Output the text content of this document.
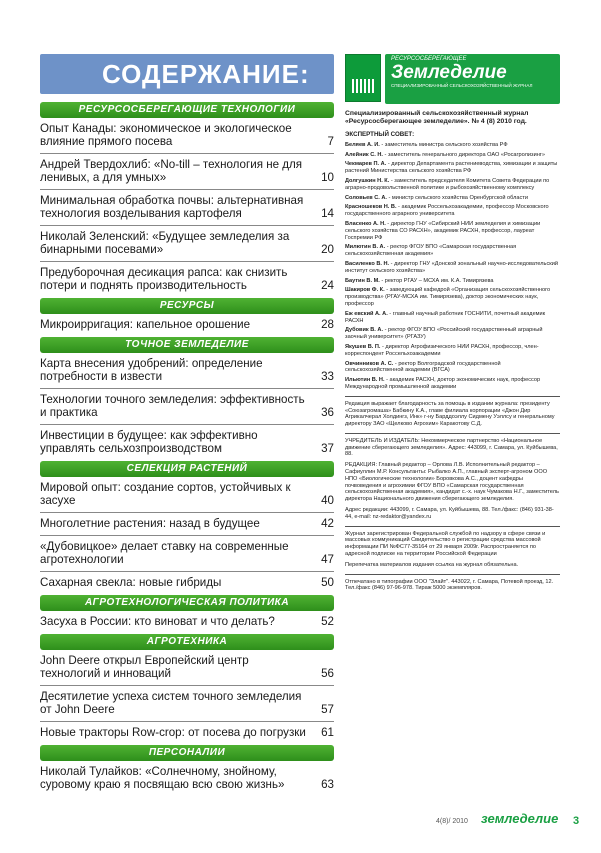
СОДЕРЖАНИЕ:
РЕСУРСОСБЕРЕГАЮЩИЕ ТЕХНОЛОГИИ
Опыт Канады: экономическое и экологическое влияние прямого посева	7
Андрей Твердохлиб: «No-till – технология не для ленивых, а для умных»	10
Минимальная обработка почвы: альтернативная технология возделывания картофеля	14
Николай Зеленский: «Будущее земледелия за бинарными посевами»	20
Предуборочная десикация рапса: как снизить потери и поднять производительность	24
РЕСУРСЫ
Микроирригация: капельное орошение	28
ТОЧНОЕ ЗЕМЛЕДЕЛИЕ
Карта внесения удобрений: определение потребности в извести	33
Технологии точного земледелия: эффективность и практика	36
Инвестиции в будущее: как эффективно управлять сельхозпроизводством	37
СЕЛЕКЦИЯ РАСТЕНИЙ
Мировой опыт: создание сортов, устойчивых к засухе	40
Многолетние растения: назад в будущее	42
«Дубовицкое» делает ставку на современные агротехнологии	47
Сахарная свекла: новые гибриды	50
АГРОТЕХНОЛОГИЧЕСКАЯ ПОЛИТИКА
Засуха в России: кто виноват и что делать?	52
АГРОТЕХНИКА
John Deere открыл Европейский центр технологий и инноваций	56
Десятилетие успеха систем точного земледелия от John Deere	57
Новые тракторы Row-crop: от посева до погрузки 61
ПЕРСОНАЛИИ
Николай Тулайков: «Солнечному, знойному, суровому краю я посвящаю всю свою жизнь»	63
РЕСУРСОСБЕРЕГАЮЩЕЕ
Земледелие
СПЕЦИАЛИЗИРОВАННЫЙ СЕЛЬСКОХОЗЯЙСТВЕННЫЙ ЖУРНАЛ
Специализированный сельскохозяйственный журнал «Ресурсосберегающее земледелие». № 4 (8) 2010 год.
ЭКСПЕРТНЫЙ СОВЕТ:
Беляев А. И. - заместитель министра сельского хозяйства РФ
Алейник С. Н. - заместитель генерального директора ОАО «Росагролизинг»
Чекмарев П. А. - директор Департамента растениеводства, химизации и защиты растений Министерства сельского хозяйства РФ
Долгушкин Н. К. - заместитель председателя Комитета Совета Федерации по аграрно-продовольственной политике и рыбохозяйственному комплексу
Соловьев С. А. - министр сельского хозяйства Оренбургской области
Красношеков Н. В. - академик Россельхозакадемии, профессор Московского государственного аграрного университета
Власенко А. Н. - директор ГНУ «Сибирский НИИ земледелия и химизации сельского хозяйства СО РАСХН», академик РАСХН, профессор, лауреат Госпремии РФ
Милютин В. А. - ректор ФГОУ ВПО «Самарская государственная сельскохозяйственная академия»
Василенко В. Н. - директор ГНУ «Донской зональный научно-исследовательский институт сельского хозяйства»
Баутин В. М. - ректор РГАУ – МСХА им. К.А. Тимирязева
Шакиров Ф. К. - заведующий кафедрой «Организация сельскохозяйственного производства» (РГАУ-МСХА им. Тимирязева), доктор экономических наук, профессор
Еж евский А. А. - главный научный работник ГОСНИТИ, почетный академик РАСХН
Дубовик В. А. - ректор ФГОУ ВПО «Российский государственный аграрный заочный университет» (РГАЗУ)
Якушев В. П. - директор Агрофизического НИИ РАСХН, профессор, член-корреспондент Россельхозакадемии
Овчинников А. С. - ректор Волгоградской государственной сельскохозяйственной академии (ВГСА)
Ильютин В. Н. - академик РАСХН, доктор экономических наук, профессор Международной промышленной академии
Редакция выражает благодарность за помощь в издании журнала: президенту «Союзагромаша» Бабкину К.А., главе филиала корпорации «Джон Дир Агрикалчерал Холдингз, Инк» г-ну Барддоэллу Сидмену Уэллсу и генеральному директору ЗАО «Щелково Агрохим» Каракотову С.Д.
УЧРЕДИТЕЛЬ И ИЗДАТЕЛЬ: Некоммерческое партнерство «Национальное движение сберегающего земледелия». Адрес: 443099, г. Самара, ул. Куйбышева, 88.
РЕДАКЦИЯ: Главный редактор – Орлова Л.В. Исполнительный редактор – Сафиуллин М.Р. Консультанты: Рыбалко А.П., главный эксперт-агроном ООО НПО «Биологические технологии» Боровкова А.С., доцент кафедры почвоведения и агрохимии ФГОУ ВПО «Самарская государственная сельскохозяйственная академия», кандидат с.-х. наук Чумакова Н.Г., заместитель директора Национального движения сберегающего земледелия.
Адрес редакции: 443099, г. Самара, ул. Куйбышева, 88. Тел./факс: (846) 931-38-44, e-mail: nz-redaktor@yandex.ru
Журнал зарегистрирован Федеральной службой по надзору в сфере связи и массовых коммуникаций Свидетельство о регистрации средства массовой информации ПИ №ФС77-35164 от 29 января 2009г. Распространяется по адресной подписке на территории Российской Федерации
Перепечатка материалов издания ссылка на журнал обязательна.
Отпечатано в типографии ООО "Злайт". 443022, г. Самара, Потевой проезд, 12. Тел./факс (846) 97-96-978. Тираж 5000 экземпляров.
4(8)/ 2010 земледелие 3
